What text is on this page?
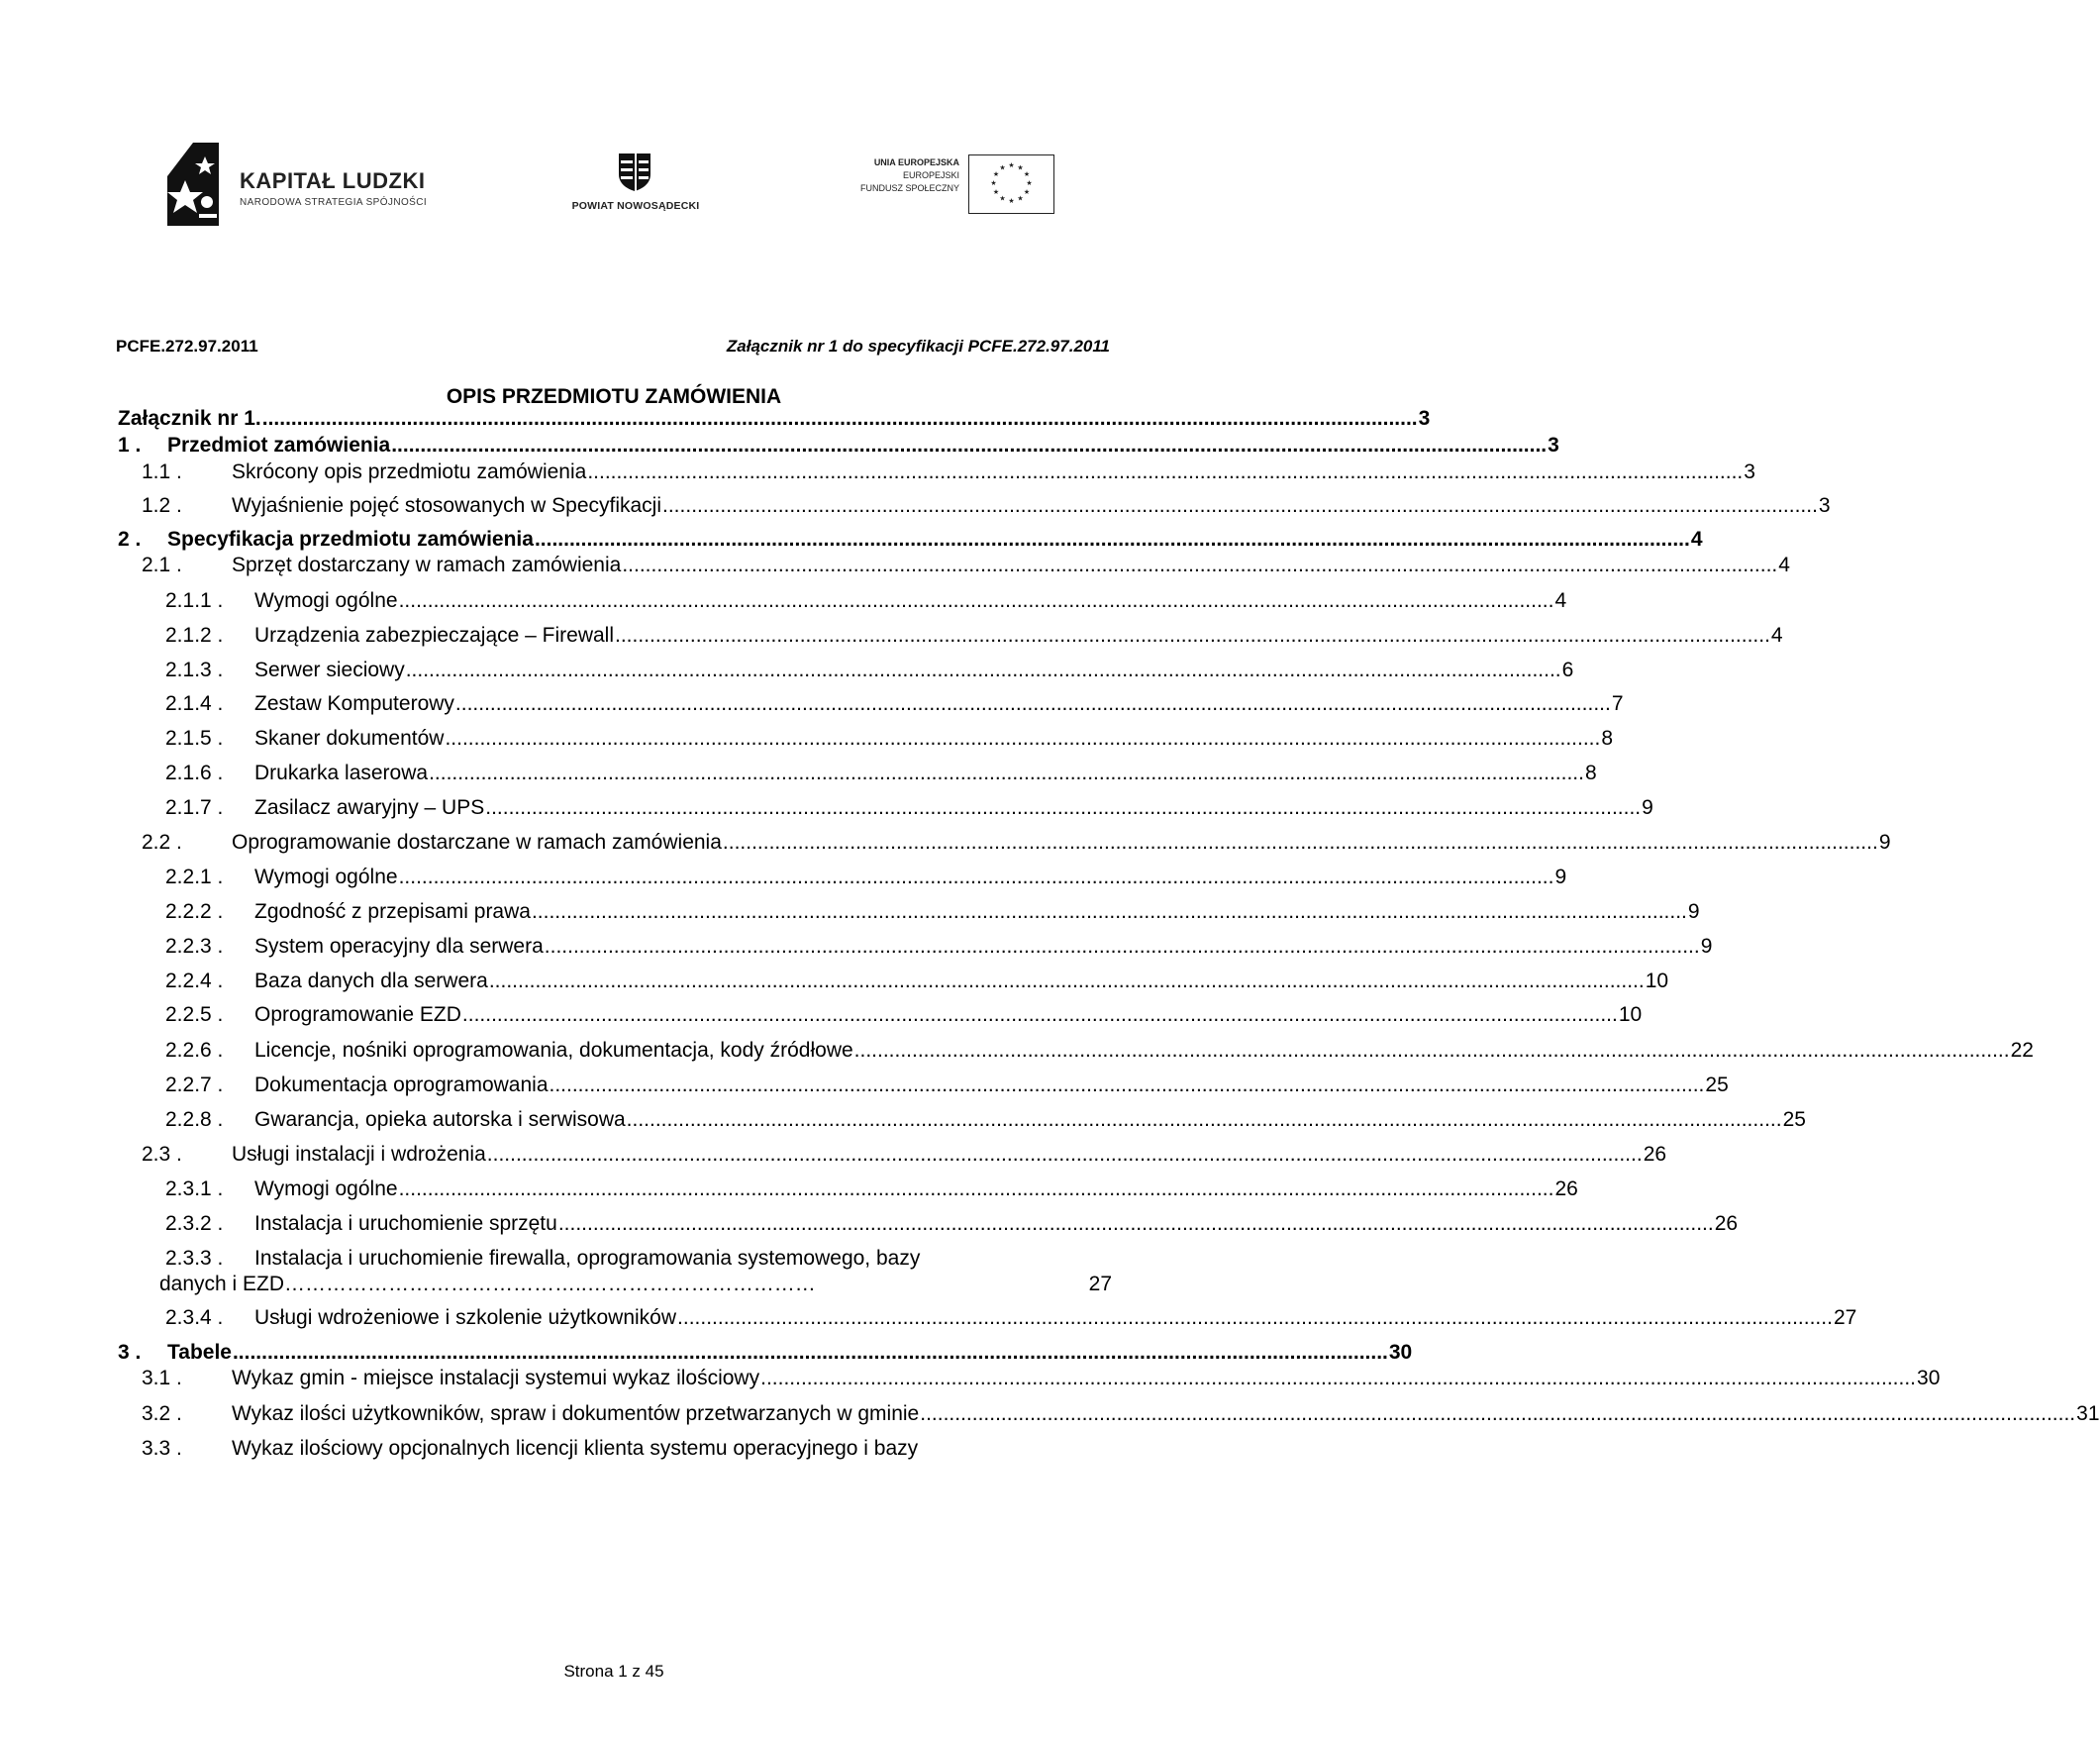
KAPITAŁ LUDZKI
NARODOWA STRATEGIA SPÓJNOŚCI	POWIAT NOWOSĄDECKI
UNIA EUROPEJSKA
EUROPEJSKI
FUNDUSZ SPOŁECZNY
★ ★
★
★
★
★
★
★
★
★
★
★
PCFE.272.97.2011	Załącznik nr 1 do specyfikacji PCFE.272.97.2011
OPIS PRZEDMIOTU ZAMÓWIENIA
Załącznik nr 1. ........................................................................................................................................................................................................ 3
1 .	Przedmiot zamówienia ........................................................................................................................................................................................................ 3
1.1 .	Skrócony opis przedmiotu zamówienia ........................................................................................................................................................................................................ 3
1.2 .	Wyjaśnienie pojęć stosowanych w Specyfikacji ........................................................................................................................................................................................................ 3
2 .	Specyfikacja przedmiotu zamówienia ........................................................................................................................................................................................................ 4
2.1 .	Sprzęt dostarczany w ramach zamówienia ........................................................................................................................................................................................................ 4
2.1.1 .	Wymogi ogólne ........................................................................................................................................................................................................ 4
2.1.2 .	Urządzenia zabezpieczające – Firewall ........................................................................................................................................................................................................ 4
2.1.3 .	Serwer sieciowy ........................................................................................................................................................................................................ 6
2.1.4 .	Zestaw Komputerowy ........................................................................................................................................................................................................ 7
2.1.5 .	Skaner dokumentów ........................................................................................................................................................................................................ 8
2.1.6 .	Drukarka laserowa ........................................................................................................................................................................................................ 8
2.1.7 .	Zasilacz awaryjny – UPS ........................................................................................................................................................................................................ 9
2.2 .	Oprogramowanie dostarczane w ramach zamówienia ........................................................................................................................................................................................................ 9
2.2.1 .	Wymogi ogólne ........................................................................................................................................................................................................ 9
2.2.2 .	Zgodność z przepisami prawa ........................................................................................................................................................................................................ 9
2.2.3 .	System operacyjny dla serwera ........................................................................................................................................................................................................ 9
2.2.4 .	Baza danych dla serwera ........................................................................................................................................................................................................ 10
2.2.5 .	Oprogramowanie EZD ........................................................................................................................................................................................................ 10
2.2.6 .	Licencje, nośniki oprogramowania, dokumentacja, kody źródłowe ........................................................................................................................................................................................................ 22
2.2.7 .	Dokumentacja oprogramowania ........................................................................................................................................................................................................ 25
2.2.8 .	Gwarancja, opieka autorska i serwisowa ........................................................................................................................................................................................................ 25
2.3 .	Usługi instalacji i wdrożenia ........................................................................................................................................................................................................ 26
2.3.1 .	Wymogi ogólne ........................................................................................................................................................................................................ 26
2.3.2 .	Instalacja i uruchomienie sprzętu ........................................................................................................................................................................................................ 26
2.3.3 .	Instalacja i uruchomienie firewalla, oprogramowania systemowego, bazy
danych i EZD……………………………………..……………………………	27
2.3.4 .	Usługi wdrożeniowe i szkolenie użytkowników ........................................................................................................................................................................................................ 27
3 .	Tabele ........................................................................................................................................................................................................ 30
3.1 .	Wykaz gmin - miejsce instalacji systemui wykaz ilościowy ........................................................................................................................................................................................................ 30
3.2 .	Wykaz ilości użytkowników, spraw i dokumentów przetwarzanych w gminie ........................................................................................................................................................................................................ 31
3.3 .	Wykaz ilościowy opcjonalnych licencji klienta systemu operacyjnego i bazy
Strona 1 z 45
